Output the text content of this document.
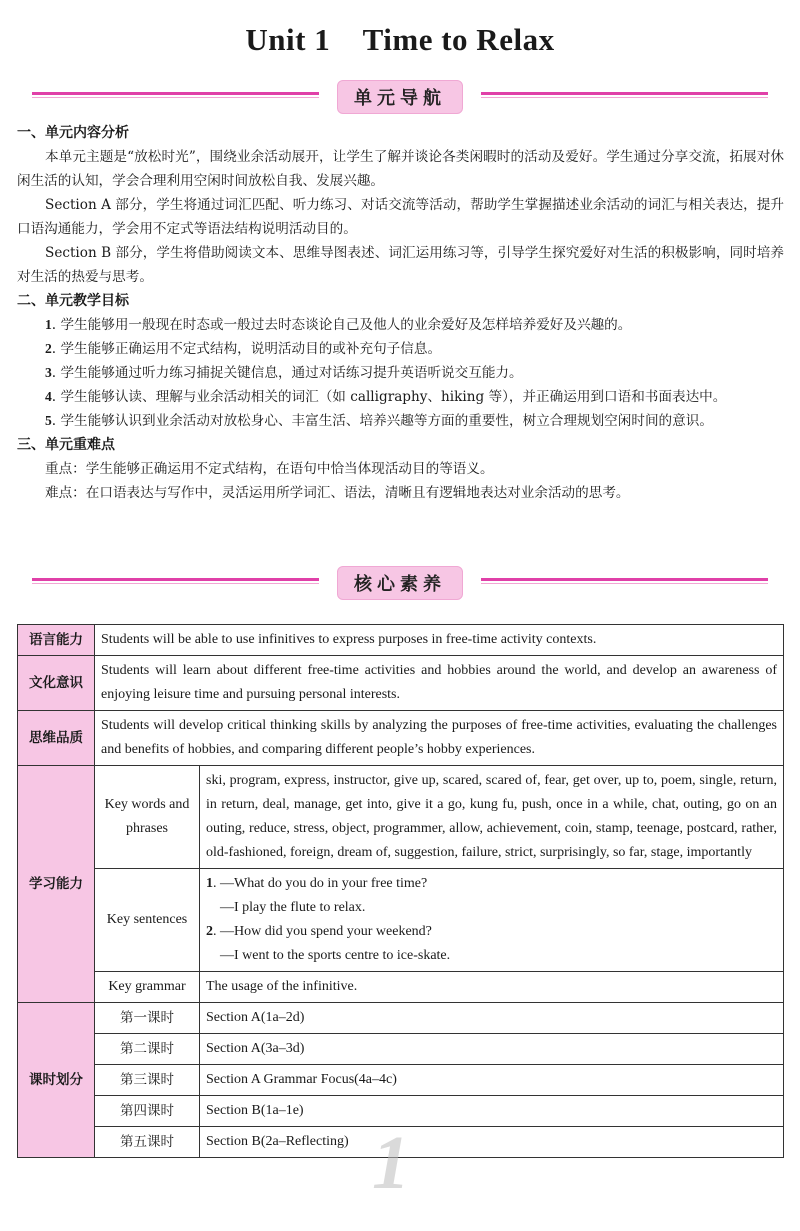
Unit 1    Time to Relax
单元导航

一、单元内容分析

本单元主题是“放松时光”，围绕业余活动展开，让学生了解并谈论各类闲暇时的活动及爱好。学生通过分享交流，拓展对休闲生活的认知，学会合理利用空闲时间放松自我、发展兴趣。

Section A 部分，学生将通过词汇匹配、听力练习、对话交流等活动，帮助学生掌握描述业余活动的词汇与相关表达，提升口语沟通能力，学会用不定式等语法结构说明活动目的。

Section B 部分，学生将借助阅读文本、思维导图表述、词汇运用练习等，引导学生探究爱好对生活的积极影响，同时培养对生活的热爱与思考。

二、单元教学目标

1. 学生能够用一般现在时态或一般过去时态谈论自己及他人的业余爱好及怎样培养爱好及兴趣的。

2. 学生能够正确运用不定式结构，说明活动目的或补充句子信息。

3. 学生能够通过听力练习捕捉关键信息，通过对话练习提升英语听说交互能力。

4. 学生能够认读、理解与业余活动相关的词汇（如 calligraphy、hiking 等），并正确运用到口语和书面表达中。

5. 学生能够认识到业余活动对放松身心、丰富生活、培养兴趣等方面的重要性，树立合理规划空闲时间的意识。

三、单元重难点

重点：学生能够正确运用不定式结构，在语句中恰当体现活动目的等语义。

难点：在口语表达与写作中，灵活运用所学词汇、语法，清晰且有逻辑地表达对业余活动的思考。

核心素养
语言能力	Students will be able to use infinitives to express purposes in free-time activity contexts.	
文化意识	Students will learn about different free-time activities and hobbies around the world, and develop an awareness of enjoying leisure time and pursuing personal interests.	
思维品质	Students will develop critical thinking skills by analyzing the purposes of free-time activities, evaluating the challenges and benefits of hobbies, and comparing different people’s hobby experiences.	
学习能力	Key words and phrases	ski, program, express, instructor, give up, scared, scared of, fear, get over, up to, poem, single, return, in return, deal, manage, get into, give it a go, kung fu, push, once in a while, chat, outing, go on an outing, reduce, stress, object, programmer, allow, achievement, coin, stamp, teenage, postcard, rather, old-fashioned, foreign, dream of, suggestion, failure, strict, surprisingly, so far, stage, importantly
	Key sentences	1. —What do you do in your free time?
—I play the flute to relax.
2. —How did you spend your weekend?
—I went to the sports centre to ice-skate.

	Key grammar	The usage of the infinitive.
课时划分	第一课时	Section A(1a–2d)
	第二课时	Section A(3a–3d)
	第三课时	Section A Grammar Focus(4a–4c)
	第四课时	Section B(1a–1e)
	第五课时	Section B(2a–Reflecting) 1
